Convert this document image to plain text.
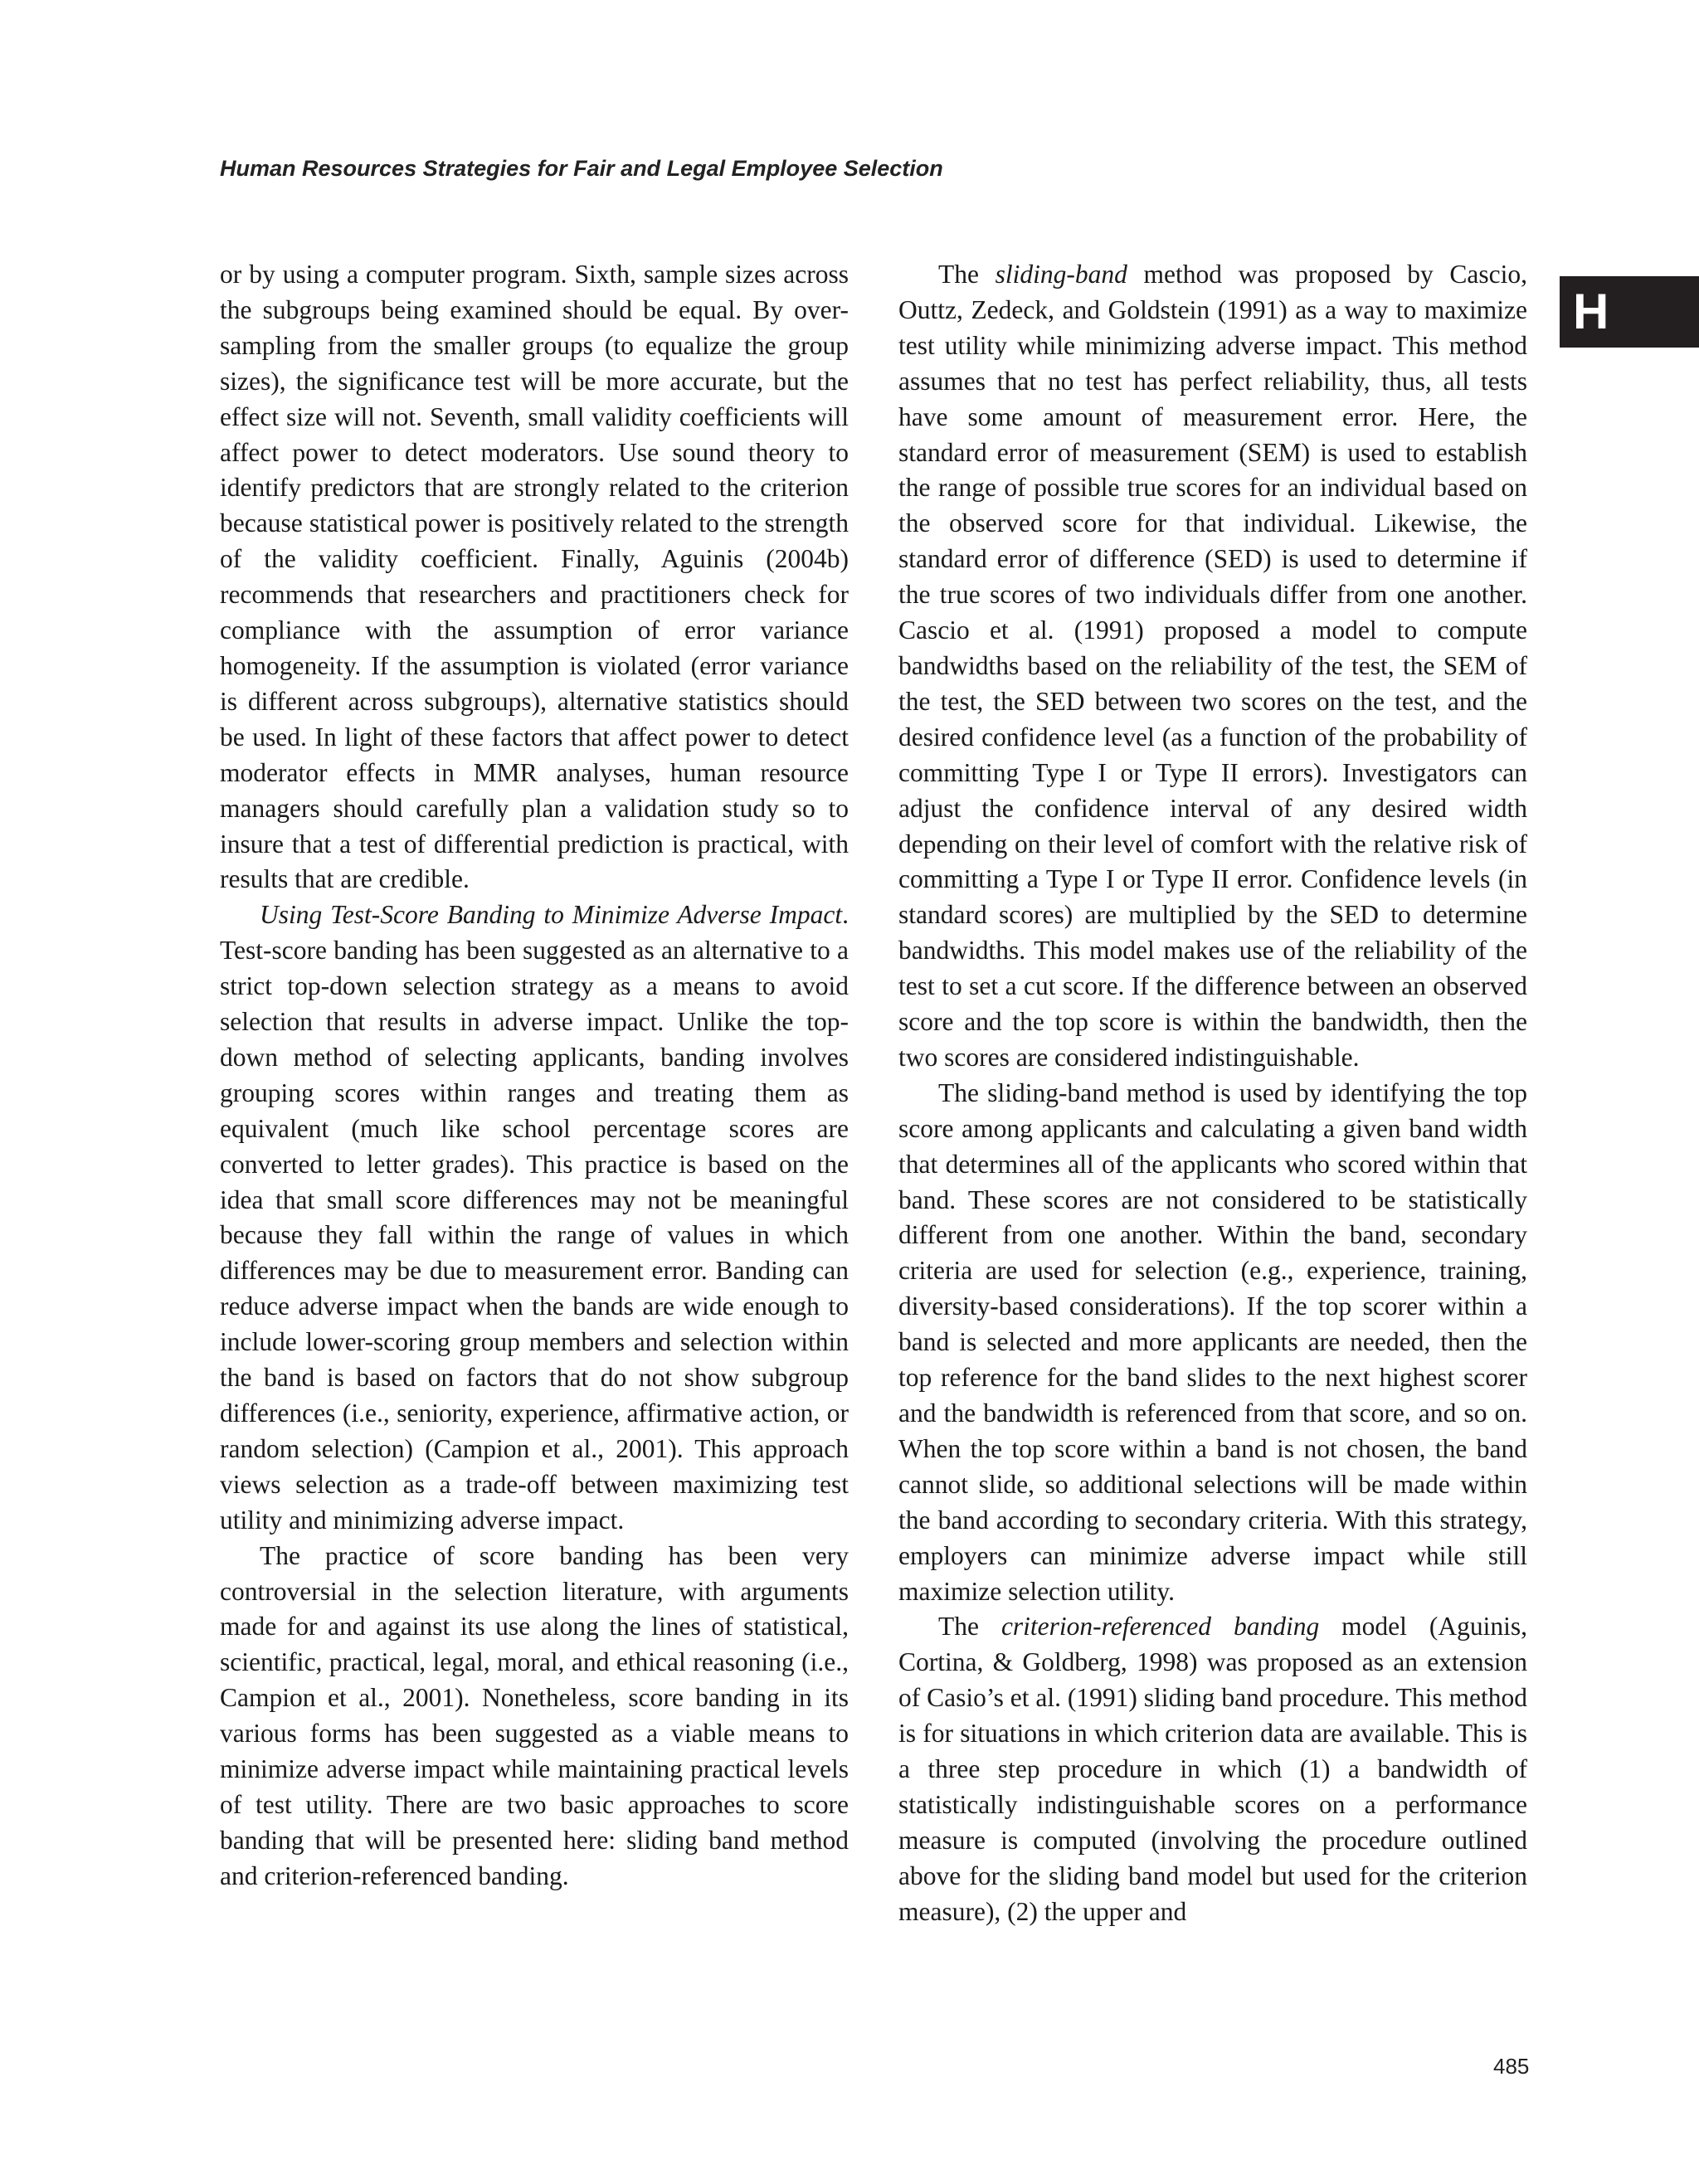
Human Resources Strategies for Fair and Legal Employee Selection
H

or by using a computer program. Sixth, sample sizes across the subgroups being examined should be equal. By over-sampling from the smaller groups (to equalize the group sizes), the significance test will be more accurate, but the effect size will not. Seventh, small validity coefficients will affect power to detect moderators. Use sound theory to identify predictors that are strongly related to the criterion because statistical power is positively related to the strength of the validity coefficient. Finally, Aguinis (2004b) recommends that researchers and practitioners check for compliance with the assumption of error variance homogeneity. If the assumption is violated (error variance is different across subgroups), alternative statistics should be used. In light of these factors that affect power to detect moderator effects in MMR analyses, human resource managers should carefully plan a validation study so to insure that a test of differential prediction is practical, with results that are credible.

Using Test-Score Banding to Minimize Adverse Impact. Test-score banding has been suggested as an alternative to a strict top-down selection strategy as a means to avoid selection that results in adverse impact. Unlike the top-down method of selecting applicants, banding involves grouping scores within ranges and treating them as equivalent (much like school percentage scores are converted to letter grades). This practice is based on the idea that small score differences may not be meaningful because they fall within the range of values in which differences may be due to measurement error. Banding can reduce adverse impact when the bands are wide enough to include lower-scoring group members and selection within the band is based on factors that do not show subgroup differences (i.e., seniority, experience, affirmative action, or random selection) (Campion et al., 2001). This approach views selection as a trade-off between maximizing test utility and minimizing adverse impact.

The practice of score banding has been very controversial in the selection literature, with arguments made for and against its use along the lines of statistical, scientific, practical, legal, moral, and ethical reasoning (i.e., Campion et al., 2001). Nonetheless, score banding in its various forms has been suggested as a viable means to minimize adverse impact while maintaining practical levels of test utility. There are two basic approaches to score banding that will be presented here: sliding band method and criterion-referenced banding.

The sliding-band method was proposed by Cascio, Outtz, Zedeck, and Goldstein (1991) as a way to maximize test utility while minimizing adverse impact. This method assumes that no test has perfect reliability, thus, all tests have some amount of measurement error. Here, the standard error of measurement (SEM) is used to establish the range of possible true scores for an individual based on the observed score for that individual. Likewise, the standard error of difference (SED) is used to determine if the true scores of two individuals differ from one another. Cascio et al. (1991) proposed a model to compute bandwidths based on the reliability of the test, the SEM of the test, the SED between two scores on the test, and the desired confidence level (as a function of the probability of committing Type I or Type II errors). Investigators can adjust the confidence interval of any desired width depending on their level of comfort with the relative risk of committing a Type I or Type II error. Confidence levels (in standard scores) are multiplied by the SED to determine bandwidths. This model makes use of the reliability of the test to set a cut score. If the difference between an observed score and the top score is within the bandwidth, then the two scores are considered indistinguishable.

The sliding-band method is used by identifying the top score among applicants and calculating a given band width that determines all of the applicants who scored within that band. These scores are not considered to be statistically different from one another. Within the band, secondary criteria are used for selection (e.g., experience, training, diversity-based considerations). If the top scorer within a band is selected and more applicants are needed, then the top reference for the band slides to the next highest scorer and the bandwidth is referenced from that score, and so on. When the top score within a band is not chosen, the band cannot slide, so additional selections will be made within the band according to secondary criteria. With this strategy, employers can minimize adverse impact while still maximize selection utility.

The criterion-referenced banding model (Aguinis, Cortina, & Goldberg, 1998) was proposed as an extension of Casio’s et al. (1991) sliding band procedure. This method is for situations in which criterion data are available. This is a three step procedure in which (1) a bandwidth of statistically indistinguishable scores on a performance measure is computed (involving the procedure outlined above for the sliding band model but used for the criterion measure), (2) the upper and

485
